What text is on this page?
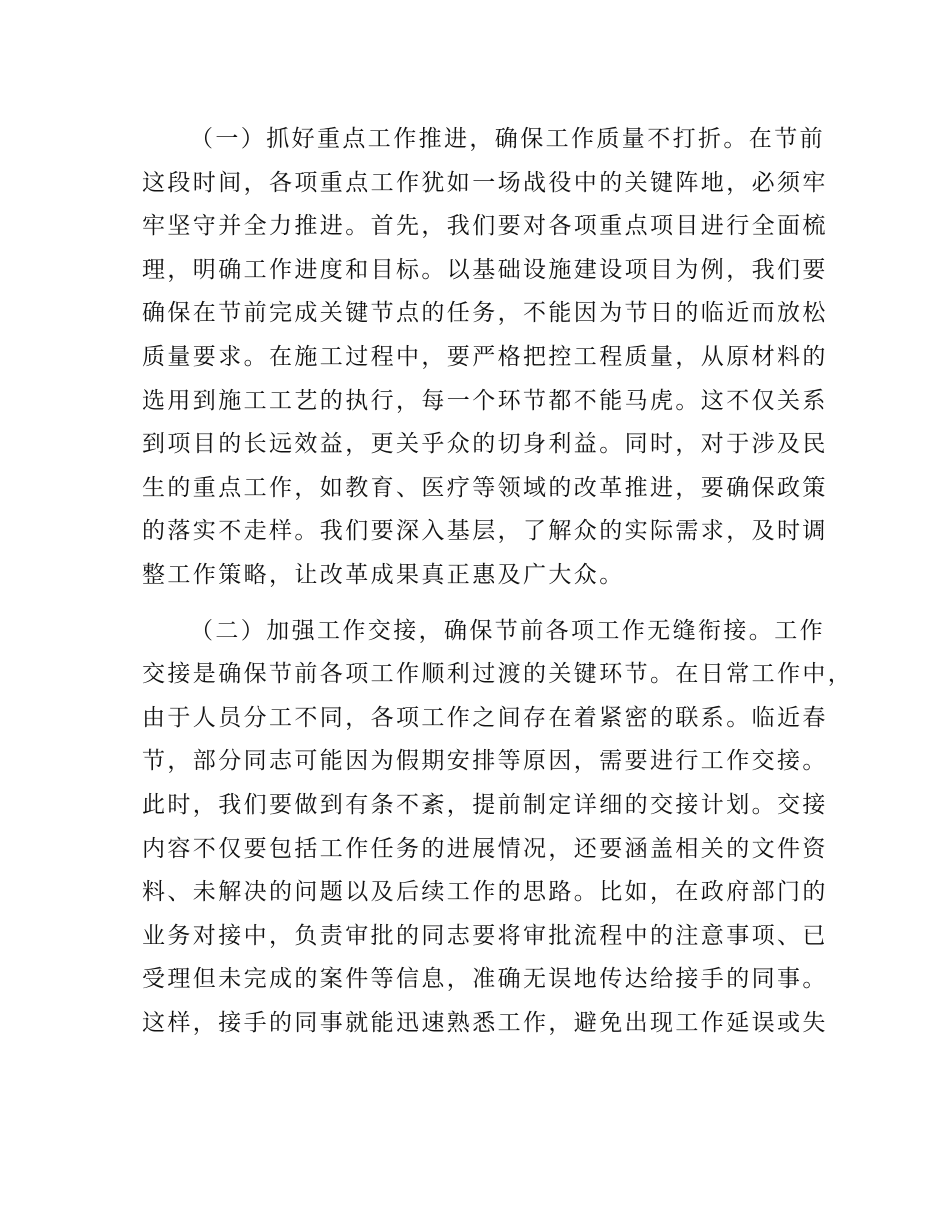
（一）抓好重点工作推进，确保工作质量不打折。在节前
这段时间，各项重点工作犹如一场战役中的关键阵地，必须牢
牢坚守并全力推进。首先，我们要对各项重点项目进行全面梳
理，明确工作进度和目标。以基础设施建设项目为例，我们要
确保在节前完成关键节点的任务，不能因为节日的临近而放松
质量要求。在施工过程中，要严格把控工程质量，从原材料的
选用到施工工艺的执行，每一个环节都不能马虎。这不仅关系
到项目的长远效益，更关乎众的切身利益。同时，对于涉及民
生的重点工作，如教育、医疗等领域的改革推进，要确保政策
的落实不走样。我们要深入基层，了解众的实际需求，及时调
整工作策略，让改革成果真正惠及广大众。
（二）加强工作交接，确保节前各项工作无缝衔接。工作
交接是确保节前各项工作顺利过渡的关键环节。在日常工作中，
由于人员分工不同，各项工作之间存在着紧密的联系。临近春
节，部分同志可能因为假期安排等原因，需要进行工作交接。
此时，我们要做到有条不紊，提前制定详细的交接计划。交接
内容不仅要包括工作任务的进展情况，还要涵盖相关的文件资
料、未解决的问题以及后续工作的思路。比如，在政府部门的
业务对接中，负责审批的同志要将审批流程中的注意事项、已
受理但未完成的案件等信息，准确无误地传达给接手的同事。
这样，接手的同事就能迅速熟悉工作，避免出现工作延误或失
